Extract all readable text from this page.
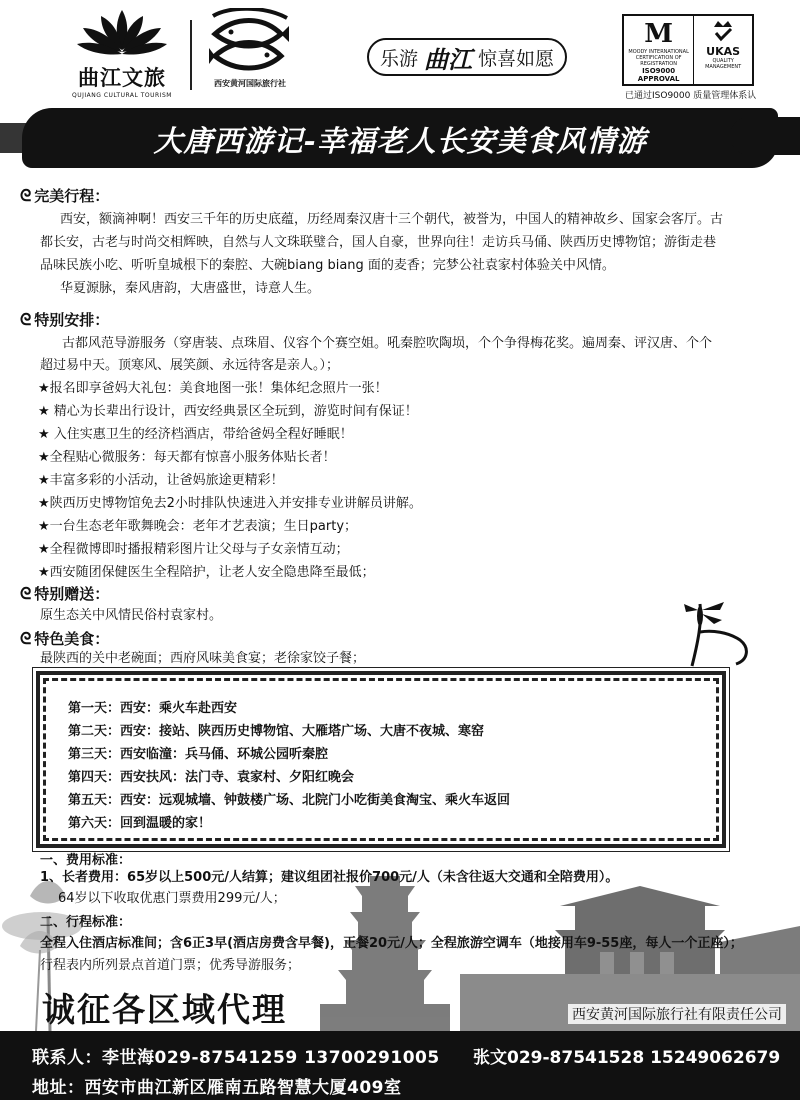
曲江文旅
QUJIANG CULTURAL TOURISM
西安黄河国际旅行社
乐游 曲江 惊喜如愿
M
MOODY INTERNATIONAL
CERTIFICATION OF REGISTRATION
ISO9000 APPROVAL
UKAS
QUALITY MANAGEMENT
已通过ISO9000 质量管理体系认
大唐西游记-幸福老人长安美食风情游
ᘓ 完美行程：
西安，额滴神啊！西安三千年的历史底蕴，历经周秦汉唐十三个朝代，被誉为，中国人的精神故乡、国家会客厅。古
都长安，古老与时尚交相辉映，自然与人文珠联璧合，国人自豪，世界向往！走访兵马俑、陕西历史博物馆；游街走巷
品味民族小吃、听听皇城根下的秦腔、大碗biang biang 面的麦香；完梦公社袁家村体验关中风情。
华夏源脉，秦风唐韵，大唐盛世，诗意人生。
ᘓ 特别安排：
古都风范导游服务（穿唐装、点珠眉、仪容个个赛空姐。吼秦腔吹陶埙，个个争得梅花奖。遍周秦、评汉唐、个个
超过易中天。顶寒风、展笑颜、永远待客是亲人。）；
★报名即享爸妈大礼包：美食地图一张！集体纪念照片一张！
★ 精心为长辈出行设计，西安经典景区全玩到，游览时间有保证！
★ 入住实惠卫生的经济档酒店，带给爸妈全程好睡眠！
★全程贴心微服务：每天都有惊喜小服务体贴长者！
★丰富多彩的小活动，让爸妈旅途更精彩！
★陕西历史博物馆免去2小时排队快速进入并安排专业讲解员讲解。
★一台生态老年歌舞晚会：老年才艺表演；生日party；
★全程微博即时播报精彩图片让父母与子女亲情互动；
★西安随团保健医生全程陪护，让老人安全隐患降至最低；
ᘓ 特别赠送：
原生态关中风情民俗村袁家村。
ᘓ 特色美食：
最陕西的关中老碗面；西府风味美食宴；老徐家饺子餐；
第一天：西安：乘火车赴西安
第二天：西安：接站、陕西历史博物馆、大雁塔广场、大唐不夜城、寒窑
第三天：西安临潼：兵马俑、环城公园听秦腔
第四天：西安扶风：法门寺、袁家村、夕阳红晚会
第五天：西安：远观城墙、钟鼓楼广场、北院门小吃街美食淘宝、乘火车返回
第六天：回到温暖的家！
一、费用标准：
1、长者费用：65岁以上500元/人结算；建议组团社报价700元/人（未含往返大交通和全陪费用）。
64岁以下收取优惠门票费用299元/人；
二、行程标准：
全程入住酒店标准间；含6正3早(酒店房费含早餐)，正餐20元/人；全程旅游空调车（地接用车9-55座，每人一个正座）；
行程表内所列景点首道门票；优秀导游服务；
诚征各区域代理	西安黄河国际旅行社有限责任公司
联系人：李世海029-87541259 13700291005 张文029-87541528 15249062679
地址：西安市曲江新区雁南五路智慧大厦409室
